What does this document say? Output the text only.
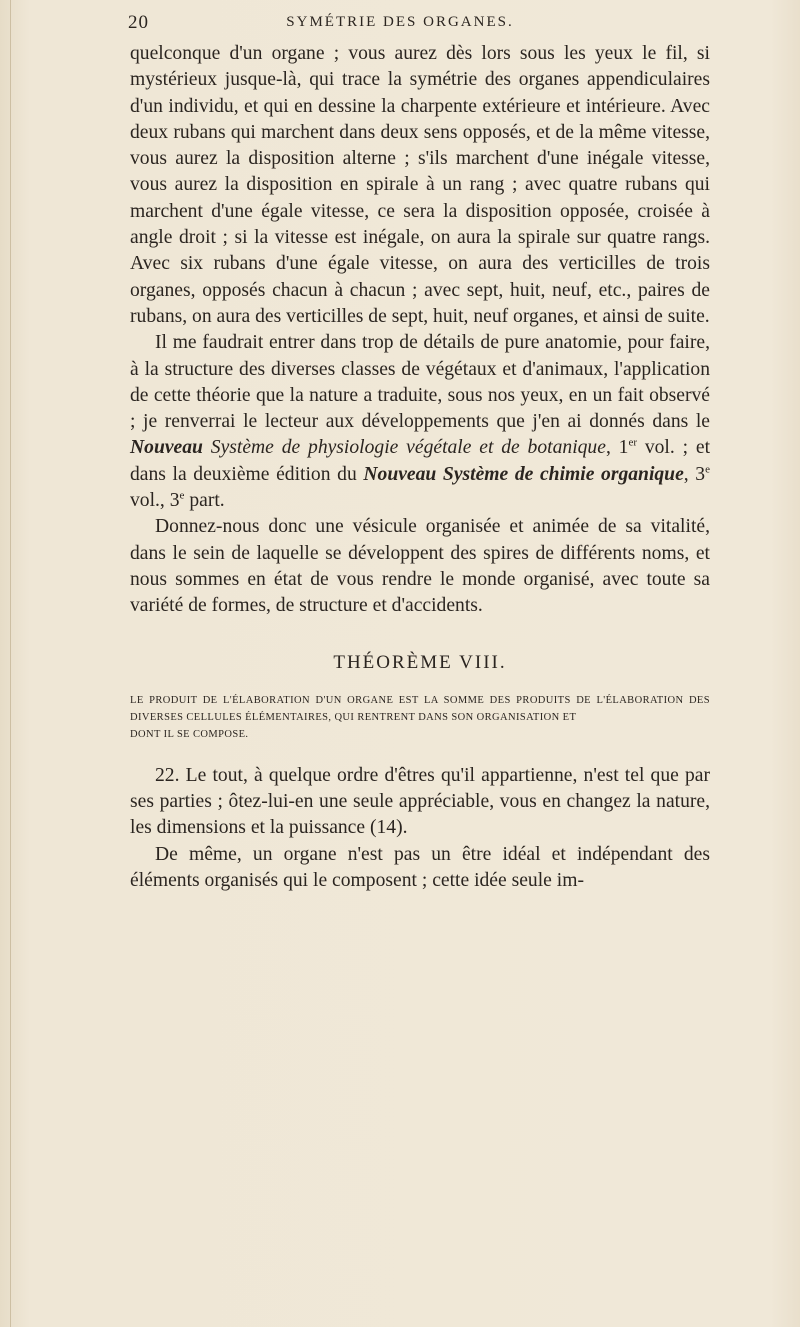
20	SYMÉTRIE DES ORGANES.

quelconque d'un organe ; vous aurez dès lors sous les yeux le fil, si mystérieux jusque-là, qui trace la symétrie des organes appendiculaires d'un individu, et qui en dessine la charpente extérieure et intérieure. Avec deux rubans qui marchent dans deux sens opposés, et de la même vitesse, vous aurez la disposition alterne ; s'ils marchent d'une inégale vitesse, vous aurez la disposition en spirale à un rang ; avec quatre rubans qui marchent d'une égale vitesse, ce sera la disposition opposée, croisée à angle droit ; si la vitesse est inégale, on aura la spirale sur quatre rangs. Avec six rubans d'une égale vitesse, on aura des verticilles de trois organes, opposés chacun à chacun ; avec sept, huit, neuf, etc., paires de rubans, on aura des verticilles de sept, huit, neuf organes, et ainsi de suite.

Il me faudrait entrer dans trop de détails de pure anatomie, pour faire, à la structure des diverses classes de végétaux et d'animaux, l'application de cette théorie que la nature a traduite, sous nos yeux, en un fait observé ; je renverrai le lecteur aux développements que j'en ai donnés dans le Nouveau Système de physiologie végétale et de botanique, 1er vol. ; et dans la deuxième édition du Nouveau Système de chimie organique, 3e vol., 3e part.

Donnez-nous donc une vésicule organisée et animée de sa vitalité, dans le sein de laquelle se développent des spires de différents noms, et nous sommes en état de vous rendre le monde organisé, avec toute sa variété de formes, de structure et d'accidents.

THÉORÈME VIII.
LE PRODUIT DE L'ÉLABORATION D'UN ORGANE EST LA SOMME DES PRODUITS DE L'ÉLABORATION DES DIVERSES CELLULES ÉLÉMENTAIRES, QUI RENTRENT DANS SON ORGANISATION ET
DONT IL SE COMPOSE.

22. Le tout, à quelque ordre d'êtres qu'il appartienne, n'est tel que par ses parties ; ôtez-lui-en une seule appréciable, vous en changez la nature, les dimensions et la puissance (14).

De même, un organe n'est pas un être idéal et indépendant des éléments organisés qui le composent ; cette idée seule im-
